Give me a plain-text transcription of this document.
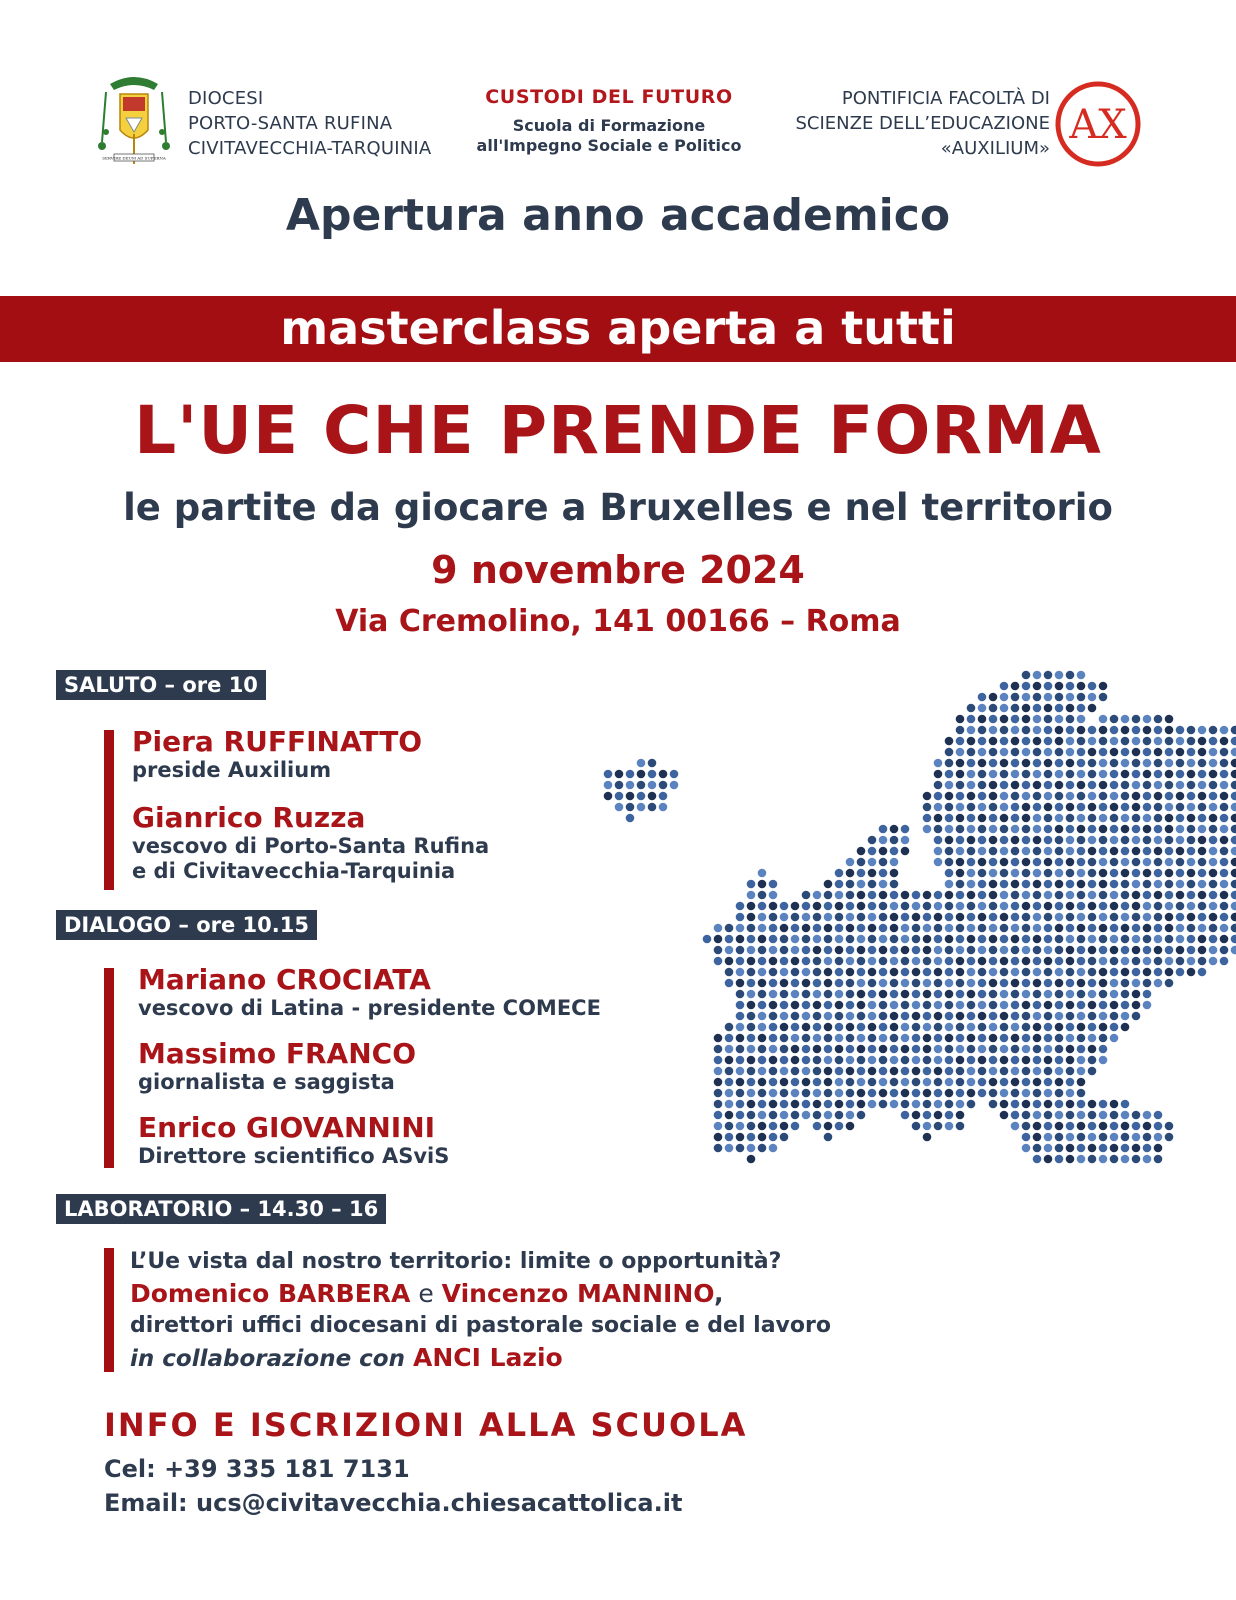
SERVIRE DEUM AD SUPERNA
DIOCESI
PORTO-SANTA RUFINA
CIVITAVECCHIA-TARQUINIA
CUSTODI DEL FUTURO
Scuola di Formazione
all'Impegno Sociale e Politico
PONTIFICIA FACOLTÀ DI
SCIENZE DELL’EDUCAZIONE
«AUXILIUM»
AX
Apertura anno accademico
masterclass aperta a tutti
L'UE CHE PRENDE FORMA
le partite da giocare a Bruxelles e nel territorio
9 novembre 2024
Via Cremolino, 141 00166 – Roma
SALUTO – ore 10
Piera RUFFINATTO
preside Auxilium
Gianrico Ruzza
vescovo di Porto-Santa Rufina
e di Civitavecchia-Tarquinia
DIALOGO – ore 10.15
Mariano CROCIATA
vescovo di Latina - presidente COMECE
Massimo FRANCO
giornalista e saggista
Enrico GIOVANNINI
Direttore scientifico ASviS
LABORATORIO – 14.30 – 16
L’Ue vista dal nostro territorio: limite o opportunità?
Domenico BARBERA e Vincenzo MANNINO,
direttori uffici diocesani di pastorale sociale e del lavoro
in collaborazione con ANCI Lazio
INFO E ISCRIZIONI ALLA SCUOLA
Cel: +39 335 181 7131
Email: ucs@civitavecchia.chiesacattolica.it
